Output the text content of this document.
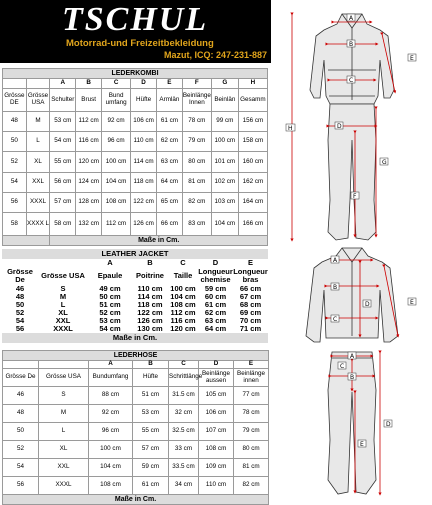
TSCHUL
Motorrad-und Freizeitbekleidung
Mazut, ICQ: 247-231-887
LEDERKOMBI									
		A	B	C	D	E	F	G	H
Grösse DE	Grösse USA	Schulter	Brust	Bund umfang	Hüfte	Armlän	Beinlänge Innen	Beinlän	Gesamm
48	M	53 cm	112 cm	92 cm	106 cm	61 cm	78 cm	99 cm	156 cm
50	L	54 cm	116 cm	96 cm	110 cm	62 cm	79 cm	100 cm	158 cm
52	XL	55 cm	120 cm	100 cm	114 cm	63 cm	80 cm	101 cm	160 cm
54	XXL	56 cm	124 cm	104 cm	118 cm	64 cm	81 cm	102 cm	162 cm
56	XXXL	57 cm	128 cm	108 cm	122 cm	65 cm	82 cm	103 cm	164 cm
58	XXXX L	58 cm	132 cm	112 cm	126 cm	66 cm	83 cm	104 cm	166 cm
		Maße in Cm.							
LEATHER JACKET						
		A	B	C	D	E
Grösse De	Grösse USA	Epaule	Poitrine	Taille	Longueur chemise	Longueur bras
46	S	49 cm	110 cm	100 cm	59 cm	66 cm
48	M	50 cm	114 cm	104 cm	60 cm	67 cm
50	L	51 cm	118 cm	108 cm	61 cm	68 cm
52	XL	52 cm	122 cm	112 cm	62 cm	69 cm
54	XXL	53 cm	126 cm	116 cm	63 cm	70 cm
56	XXXL	54 cm	130 cm	120 cm	64 cm	71 cm
Maße in Cm.						
LEDERHOSE						
		A	B	C	D	E
Grösse De	Grösse USA	Bundumfang	Hüfte	Schrittlänge	Beinlänge aussen	Beinlänge innen
46	S	88 cm	51 cm	31.5 cm	105 cm	77 cm
48	M	92 cm	53 cm	32 cm	106 cm	78 cm
50	L	96 cm	55 cm	32.5 cm	107 cm	79 cm
52	XL	100 cm	57 cm	33 cm	108 cm	80 cm
54	XXL	104 cm	59 cm	33.5 cm	109 cm	81 cm
56	XXXL	108 cm	61 cm	34 cm	110 cm	82 cm
Maße in Cm.						
A
B
C
D
E
F
G
H
A
B
C
D	E
A
B
C
D
E
